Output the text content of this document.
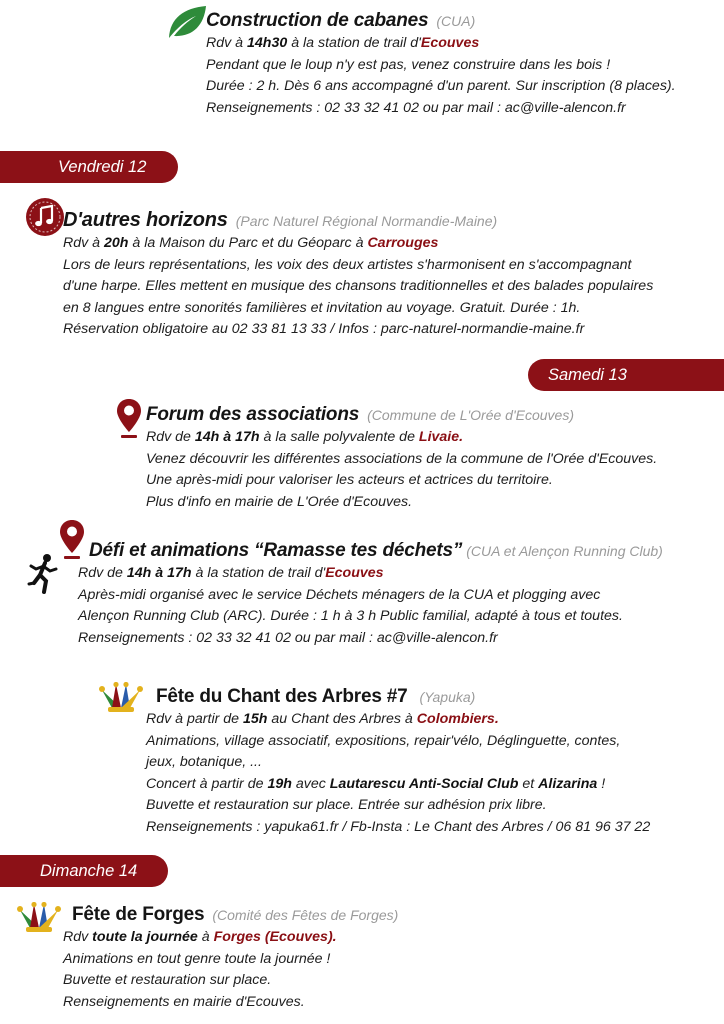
Construction de cabanes (CUA)
Rdv à 14h30 à la station de trail d'Ecouves
Pendant que le loup n'y est pas, venez construire dans les bois !
Durée : 2 h. Dès 6 ans accompagné d'un parent. Sur inscription (8 places).
Renseignements : 02 33 32 41 02 ou par mail : ac@ville-alencon.fr
Vendredi 12
D'autres horizons (Parc Naturel Régional Normandie-Maine)
Rdv à 20h à la Maison du Parc et du Géoparc à Carrouges
Lors de leurs représentations, les voix des deux artistes s'harmonisent en s'accompagnant
d'une harpe. Elles mettent en musique des chansons traditionnelles et des balades populaires
en 8 langues entre sonorités familières et invitation au voyage. Gratuit. Durée : 1h.
Réservation obligatoire au 02 33 81 13 33 / Infos : parc-naturel-normandie-maine.fr
Samedi 13
Forum des associations (Commune de L'Orée d'Ecouves)
Rdv de 14h à 17h à la salle polyvalente de Livaie.
Venez découvrir les différentes associations de la commune de l'Orée d'Ecouves.
Une après-midi pour valoriser les acteurs et actrices du territoire.
Plus d'info en mairie de L'Orée d'Ecouves.
Défi et animations “Ramasse tes déchets” (CUA et Alençon Running Club)
Rdv de 14h à 17h à la station de trail d'Ecouves
Après-midi organisé avec le service Déchets ménagers de la CUA et plogging avec
Alençon Running Club (ARC). Durée : 1 h à 3 h Public familial, adapté à tous et toutes.
Renseignements : 02 33 32 41 02 ou par mail : ac@ville-alencon.fr
Fête du Chant des Arbres #7 (Yapuka)
Rdv à partir de 15h au Chant des Arbres à Colombiers.
Animations, village associatif, expositions, repair'vélo, Déglinguette, contes,
jeux, botanique, ...
Concert à partir de 19h avec Lautarescu Anti-Social Club et Alizarina !
Buvette et restauration sur place. Entrée sur adhésion prix libre.
Renseignements : yapuka61.fr / Fb-Insta : Le Chant des Arbres / 06 81 96 37 22
Dimanche 14
Fête de Forges (Comité des Fêtes de Forges)
Rdv toute la journée à Forges (Ecouves).
Animations en tout genre toute la journée !
Buvette et restauration sur place.
Renseignements en mairie d'Ecouves.
